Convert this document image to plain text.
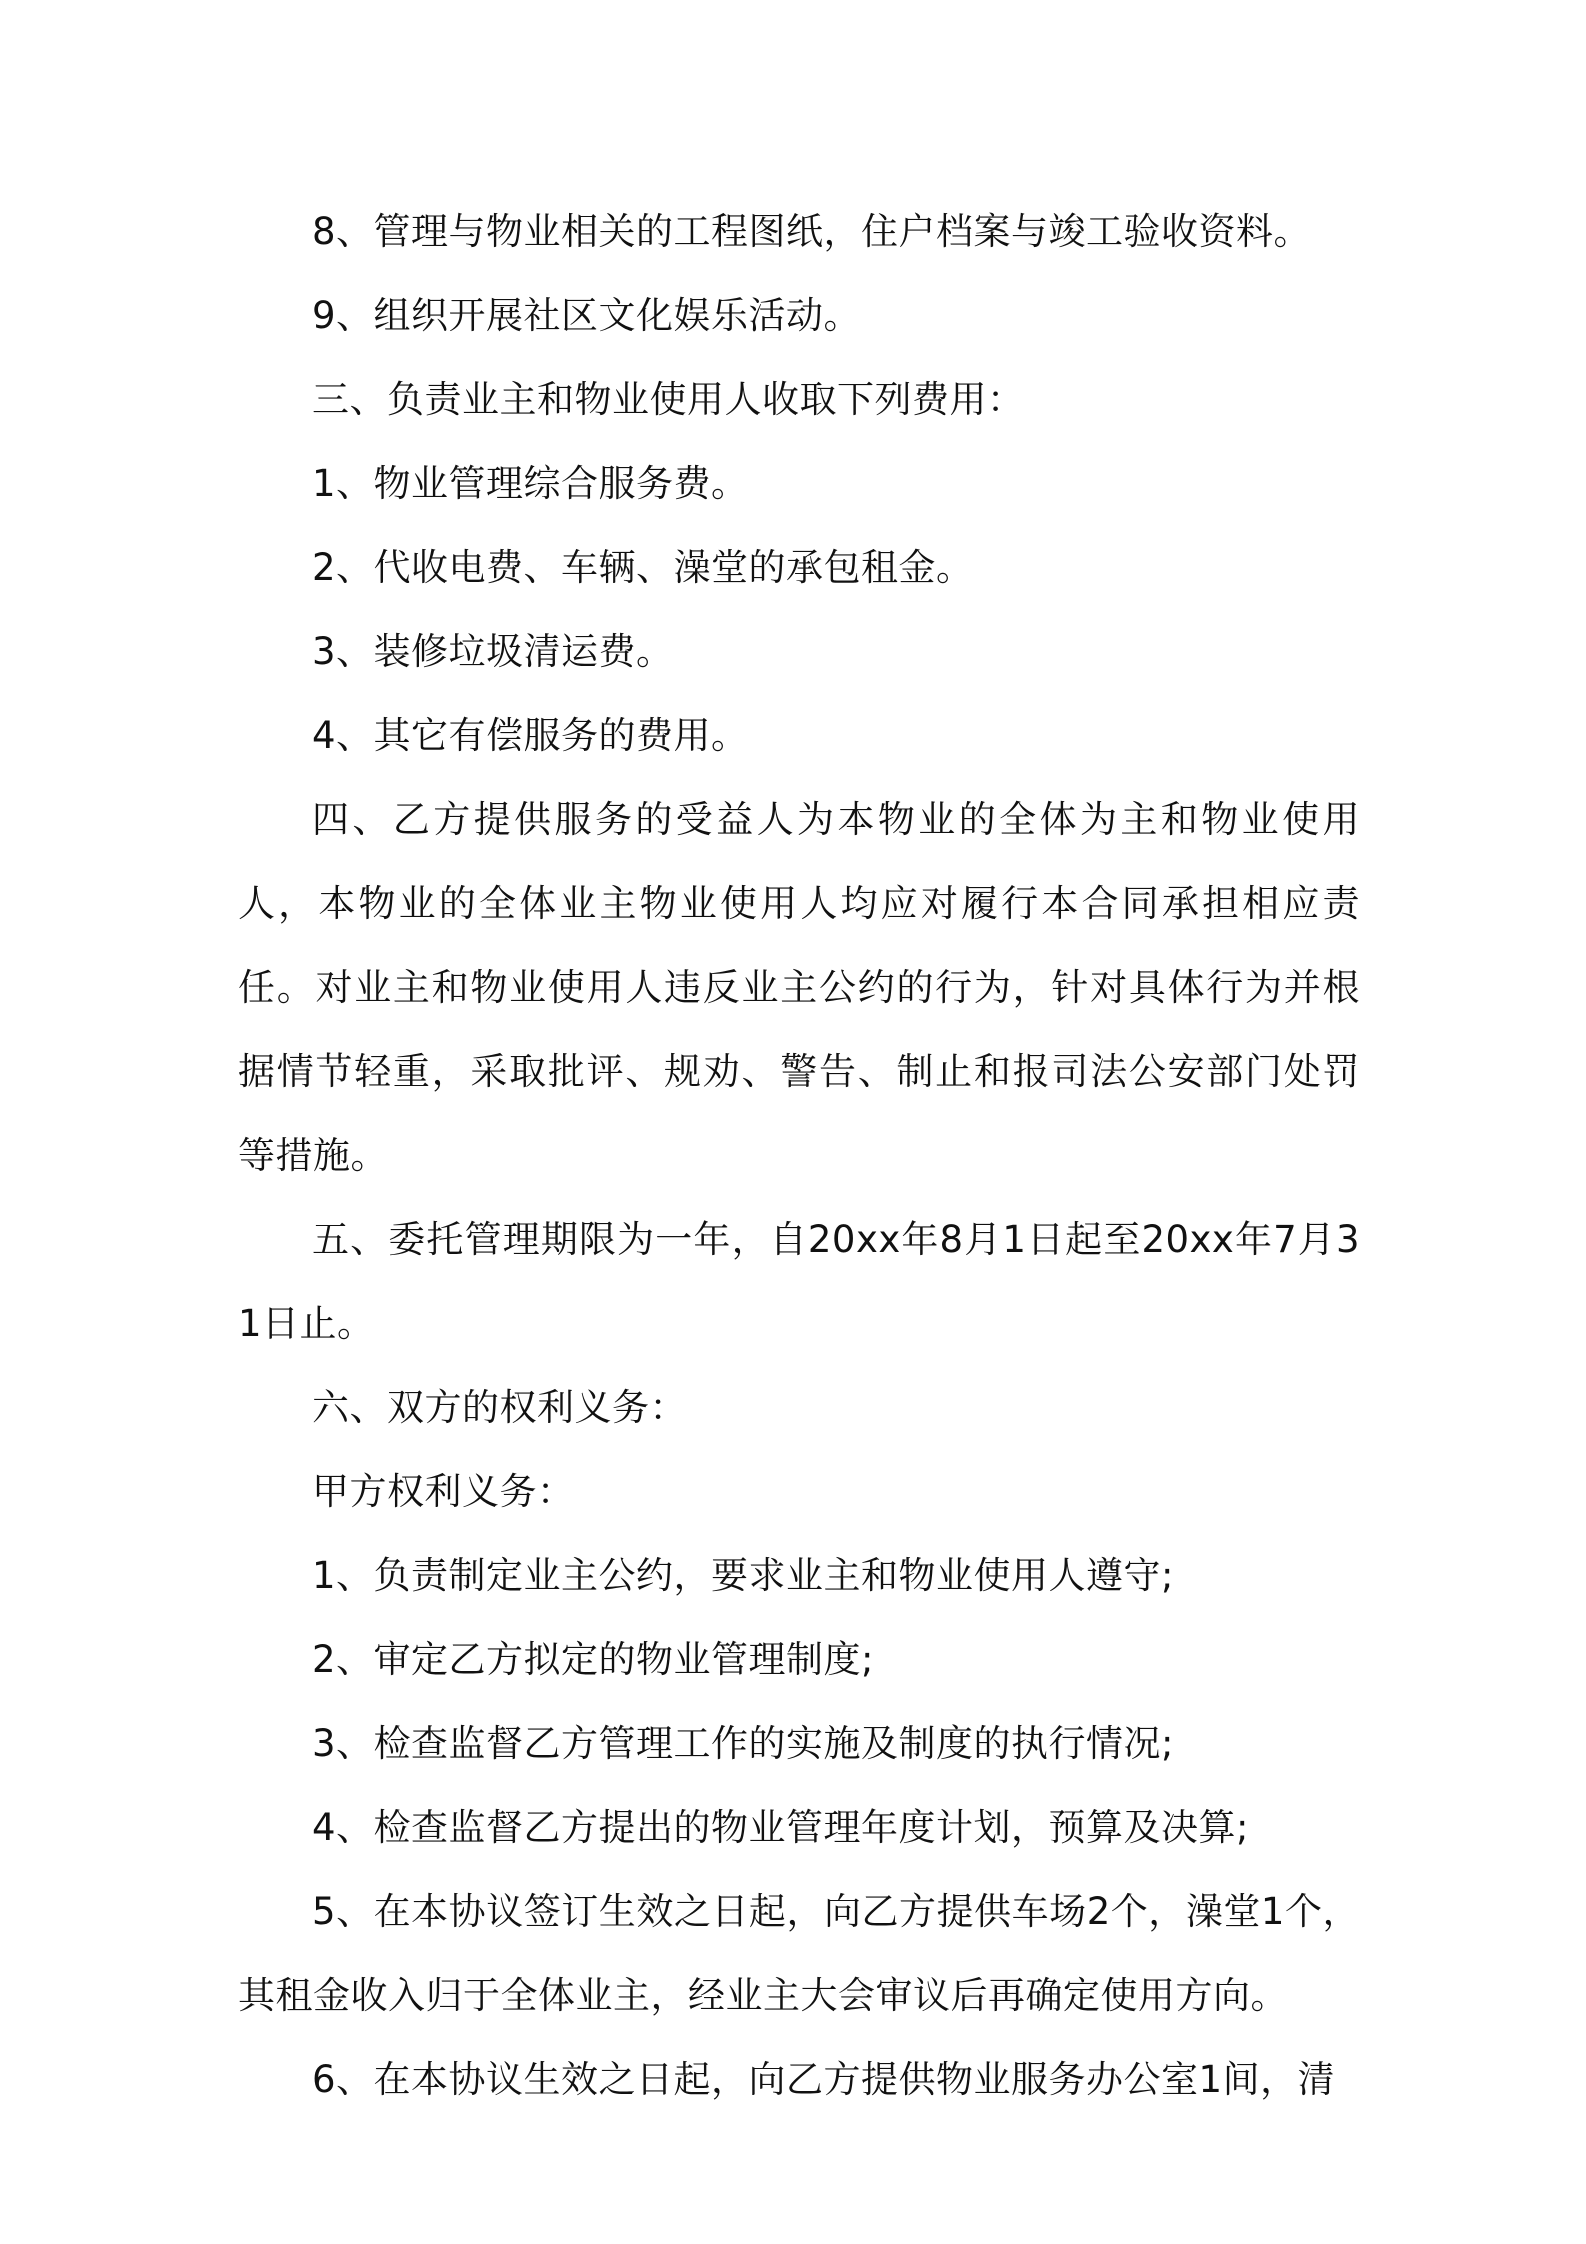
8、管理与物业相关的工程图纸，住户档案与竣工验收资料。

9、组织开展社区文化娱乐活动。

三、负责业主和物业使用人收取下列费用：

1、物业管理综合服务费。

2、代收电费、车辆、澡堂的承包租金。

3、装修垃圾清运费。

4、其它有偿服务的费用。

四、乙方提供服务的受益人为本物业的全体为主和物业使用人，本物业的全体业主物业使用人均应对履行本合同承担相应责任。对业主和物业使用人违反业主公约的行为，针对具体行为并根据情节轻重，采取批评、规劝、警告、制止和报司法公安部门处罚等措施。

五、委托管理期限为一年，自20xx年8月1日起至20xx年7月31日止。

六、双方的权利义务：

甲方权利义务：

1、负责制定业主公约，要求业主和物业使用人遵守;

2、审定乙方拟定的物业管理制度;

3、检查监督乙方管理工作的实施及制度的执行情况;

4、检查监督乙方提出的物业管理年度计划，预算及决算;

5、在本协议签订生效之日起，向乙方提供车场2个，澡堂1个，其租金收入归于全体业主，经业主大会审议后再确定使用方向。

6、在本协议生效之日起，向乙方提供物业服务办公室1间，清
